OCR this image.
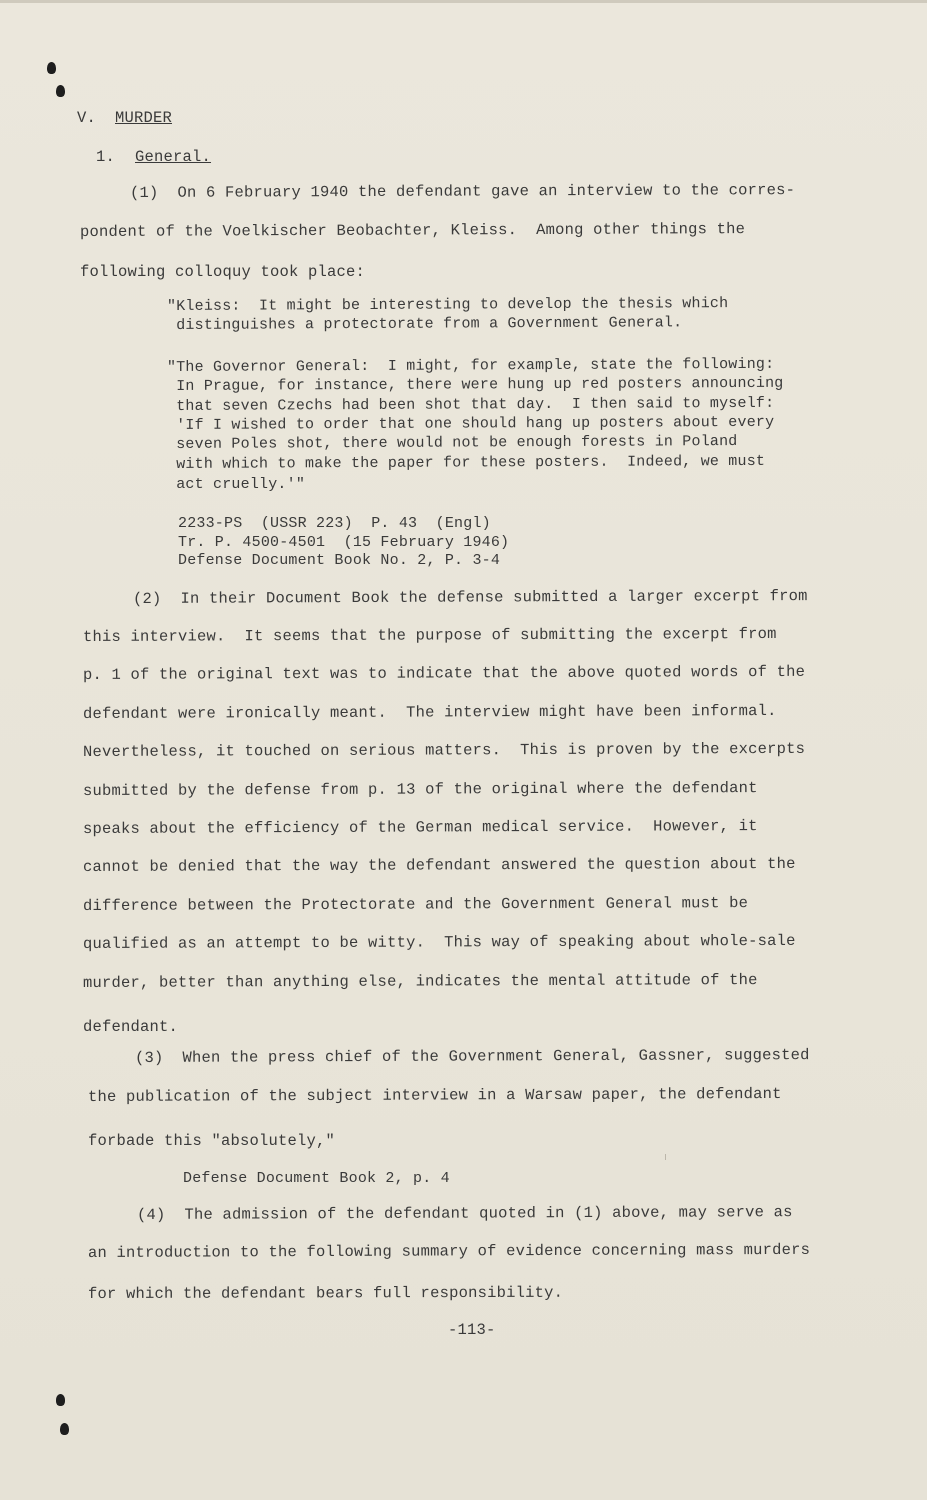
V. MURDER
1. General.
(1)  On 6 February 1940 the defendant gave an interview to the corres-
pondent of the Voelkischer Beobachter, Kleiss.  Among other things the
following colloquy took place:
"Kleiss:  It might be interesting to develop the thesis which
distinguishes a protectorate from a Government General.
"The Governor General:  I might, for example, state the following:
In Prague, for instance, there were hung up red posters announcing
that seven Czechs had been shot that day.  I then said to myself:
'If I wished to order that one should hang up posters about every
seven Poles shot, there would not be enough forests in Poland
with which to make the paper for these posters.  Indeed, we must
act cruelly.'"
2233-PS  (USSR 223)  P. 43  (Engl)
Tr. P. 4500-4501  (15 February 1946)
Defense Document Book No. 2, P. 3-4
(2)  In their Document Book the defense submitted a larger excerpt from
this interview.  It seems that the purpose of submitting the excerpt from
p. 1 of the original text was to indicate that the above quoted words of the
defendant were ironically meant.  The interview might have been informal.
Nevertheless, it touched on serious matters.  This is proven by the excerpts
submitted by the defense from p. 13 of the original where the defendant
speaks about the efficiency of the German medical service.  However, it
cannot be denied that the way the defendant answered the question about the
difference between the Protectorate and the Government General must be
qualified as an attempt to be witty.  This way of speaking about whole-sale
murder, better than anything else, indicates the mental attitude of the
defendant.
(3)  When the press chief of the Government General, Gassner, suggested
the publication of the subject interview in a Warsaw paper, the defendant
forbade this "absolutely,"
Defense Document Book 2, p. 4
(4)  The admission of the defendant quoted in (1) above, may serve as
an introduction to the following summary of evidence concerning mass murders
for which the defendant bears full responsibility.
-113-
